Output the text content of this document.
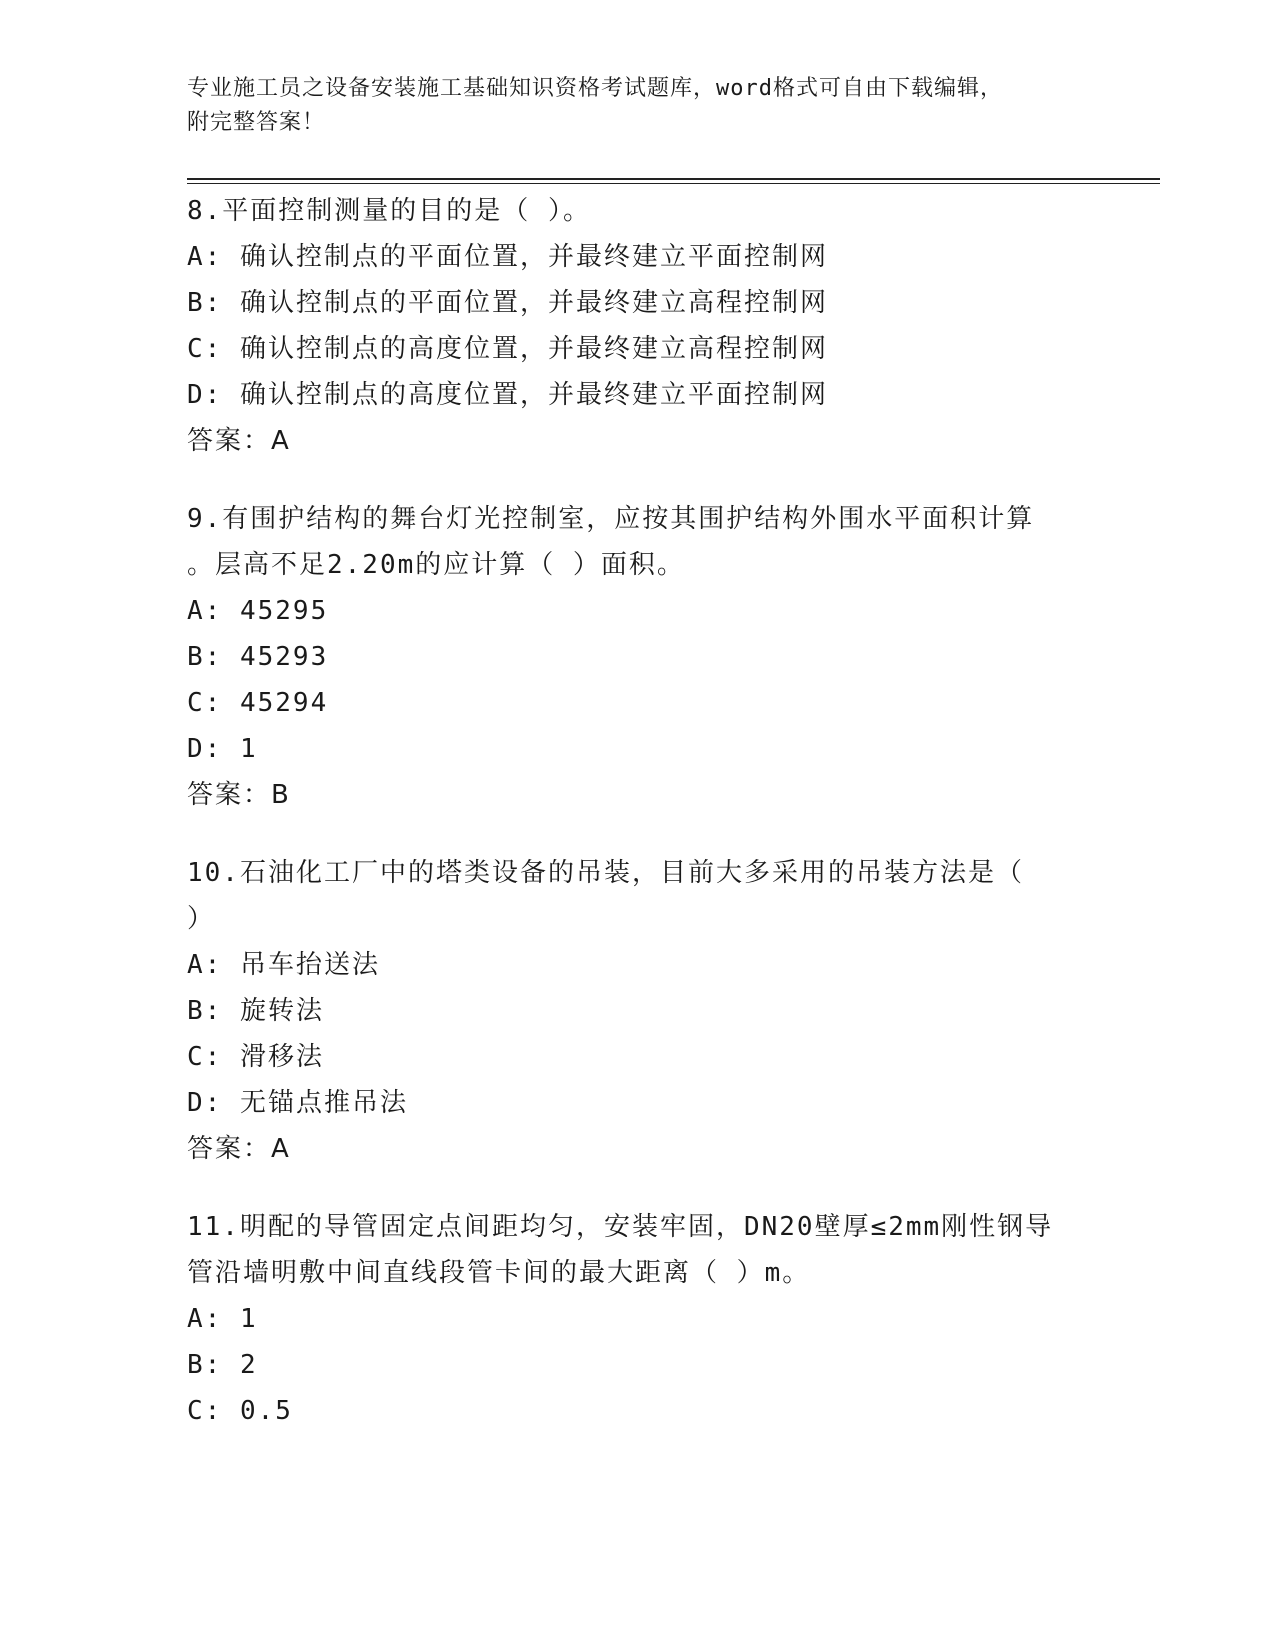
专业施工员之设备安装施工基础知识资格考试题库，word格式可自由下载编辑，
附完整答案！
8.平面控制测量的目的是（ ）。
A: 确认控制点的平面位置，并最终建立平面控制网
B: 确认控制点的平面位置，并最终建立高程控制网
C: 确认控制点的高度位置，并最终建立高程控制网
D: 确认控制点的高度位置，并最终建立平面控制网
答案：A
9.有围护结构的舞台灯光控制室，应按其围护结构外围水平面积计算
。层高不足2.20m的应计算（ ）面积。
A: 45295
B: 45293
C: 45294
D: 1
答案：B
10.石油化工厂中的塔类设备的吊装，目前大多采用的吊装方法是（
）
A: 吊车抬送法
B: 旋转法
C: 滑移法
D: 无锚点推吊法
答案：A
11.明配的导管固定点间距均匀，安装牢固，DN20壁厚≤2mm刚性钢导
管沿墙明敷中间直线段管卡间的最大距离（ ）m。
A: 1
B: 2
C: 0.5
